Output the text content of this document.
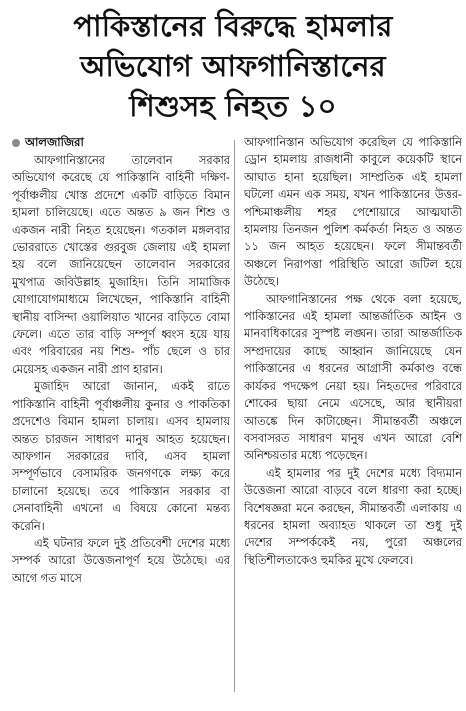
পাকিস্তানের বিরুদ্ধে হামলার
অভিযোগ আফগানিস্তানের
শিশুসহ নিহত ১০
আলজাজিরা

আফগানিস্তানের তালেবান সরকার অভিযোগ করেছে যে পাকিস্তানি বাহিনী দক্ষিণ-পূর্বাঞ্চলীয় খোস্ত প্রদেশে একটি বাড়িতে বিমান হামলা চালিয়েছে। এতে অন্তত ৯ জন শিশু ও একজন নারী নিহত হয়েছেন। গতকাল মঙ্গলবার ভোররাতে খোস্তের গুরবুজ জেলায় এই হামলা হয় বলে জানিয়েছেন তালেবান সরকারের মুখপাত্র জবিউল্লাহ মুজাহিদ। তিনি সামাজিক যোগাযোগমাধ্যমে লিখেছেন, পাকিস্তানি বাহিনী স্থানীয় বাসিন্দা ওয়ালিয়াত খানের বাড়িতে বোমা ফেলে। এতে তার বাড়ি সম্পূর্ণ ধ্বংস হয়ে যায় এবং পরিবারের নয় শিশু- পাঁচ ছেলে ও চার মেয়েসহ একজন নারী প্রাণ হারান।

মুজাহিদ আরো জানান, একই রাতে পাকিস্তানি বাহিনী পূর্বাঞ্চলীয় কুনার ও পাকতিকা প্রদেশেও বিমান হামলা চালায়। এসব হামলায় অন্তত চারজন সাধারণ মানুষ আহত হয়েছেন। আফগান সরকারের দাবি, এসব হামলা সম্পূর্ণভাবে বেসামরিক জনগণকে লক্ষ্য করে চালানো হয়েছে। তবে পাকিস্তান সরকার বা সেনাবাহিনী এখনো এ বিষয়ে কোনো মন্তব্য করেনি।

এই ঘটনার ফলে দুই প্রতিবেশী দেশের মধ্যে সম্পর্ক আরো উত্তেজনাপূর্ণ হয়ে উঠেছে। এর আগে গত মাসে

আফগানিস্তান অভিযোগ করেছিল যে পাকিস্তানি ড্রোন হামলায় রাজধানী কাবুলে কয়েকটি স্থানে আঘাত হানা হয়েছিল। সাম্প্রতিক এই হামলা ঘটলো এমন এক সময়, যখন পাকিস্তানের উত্তর-পশ্চিমাঞ্চলীয় শহর পেশোয়ারে আত্মঘাতী হামলায় তিনজন পুলিশ কর্মকর্তা নিহত ও অন্তত ১১ জন আহত হয়েছেন। ফলে সীমান্তবর্তী অঞ্চলে নিরাপত্তা পরিস্থিতি আরো জটিল হয়ে উঠেছে।

আফগানিস্তানের পক্ষ থেকে বলা হয়েছে, পাকিস্তানের এই হামলা আন্তর্জাতিক আইন ও মানবাধিকারের সুস্পষ্ট লঙ্ঘন। তারা আন্তর্জাতিক সম্প্রদায়ের কাছে আহ্বান জানিয়েছে যেন পাকিস্তানের এ ধরনের আগ্রাসী কর্মকাণ্ড বন্ধে কার্যকর পদক্ষেপ নেয়া হয়। নিহতদের পরিবারে শোকের ছায়া নেমে এসেছে, আর স্থানীয়রা আতঙ্কে দিন কাটাচ্ছেন। সীমান্তবর্তী অঞ্চলে বসবাসরত সাধারণ মানুষ এখন আরো বেশি অনিশ্চয়তার মধ্যে পড়েছেন।

এই হামলার পর দুই দেশের মধ্যে বিদ্যমান উত্তেজনা আরো বাড়বে বলে ধারণা করা হচ্ছে। বিশেষজ্ঞরা মনে করছেন, সীমান্তবর্তী এলাকায় এ ধরনের হামলা অব্যাহত থাকলে তা শুধু দুই দেশের সম্পর্ককেই নয়, পুরো অঞ্চলের স্থিতিশীলতাকেও হুমকির মুখে ফেলবে।
